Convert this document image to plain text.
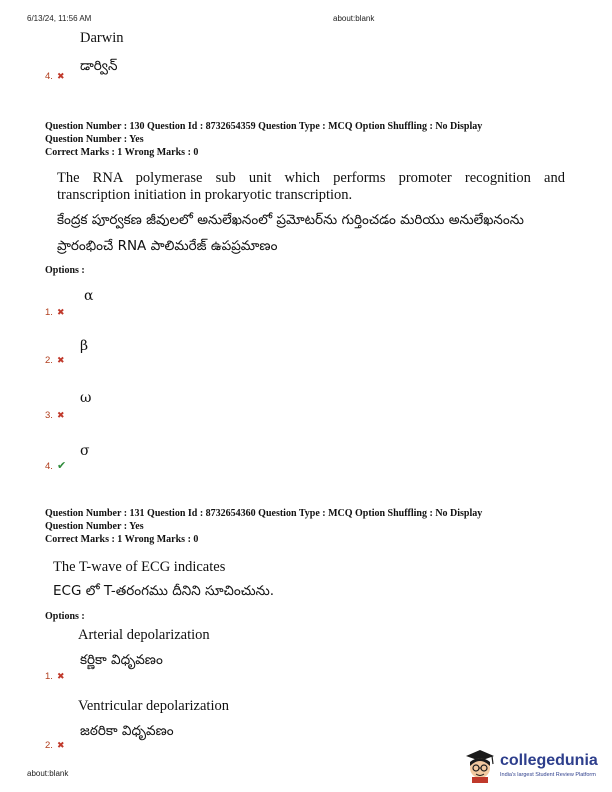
6/13/24, 11:56 AM	about:blank
Darwin
4. ✖
డార్విన్
Question Number : 130 Question Id : 8732654359 Question Type : MCQ Option Shuffling : No Display
Question Number : Yes
Correct Marks : 1 Wrong Marks : 0
The RNA polymerase sub unit which performs promoter recognition and
transcription initiation in prokaryotic transcription.
కేంద్రక పూర్వకణ జీవులలో అనులేఖనంలో ప్రమోటర్‌ను గుర్తించడం మరియు అనులేఖనంను
ప్రారంభించే RNA పాలిమరేజ్ ఉపప్రమాణం
Options :
α
1. ✖
β
2. ✖
ω
3. ✖
σ
4. ✔
Question Number : 131 Question Id : 8732654360 Question Type : MCQ Option Shuffling : No Display
Question Number : Yes
Correct Marks : 1 Wrong Marks : 0
The T-wave of ECG indicates
ECG లో T-తరంగము దీనిని సూచించును.
Options :
Arterial depolarization
కర్ణికా విధృవణం
1. ✖
Ventricular depolarization
జఠరికా విధృవణం
2. ✖
about:blank
collegedunia
India's largest Student Review Platform
